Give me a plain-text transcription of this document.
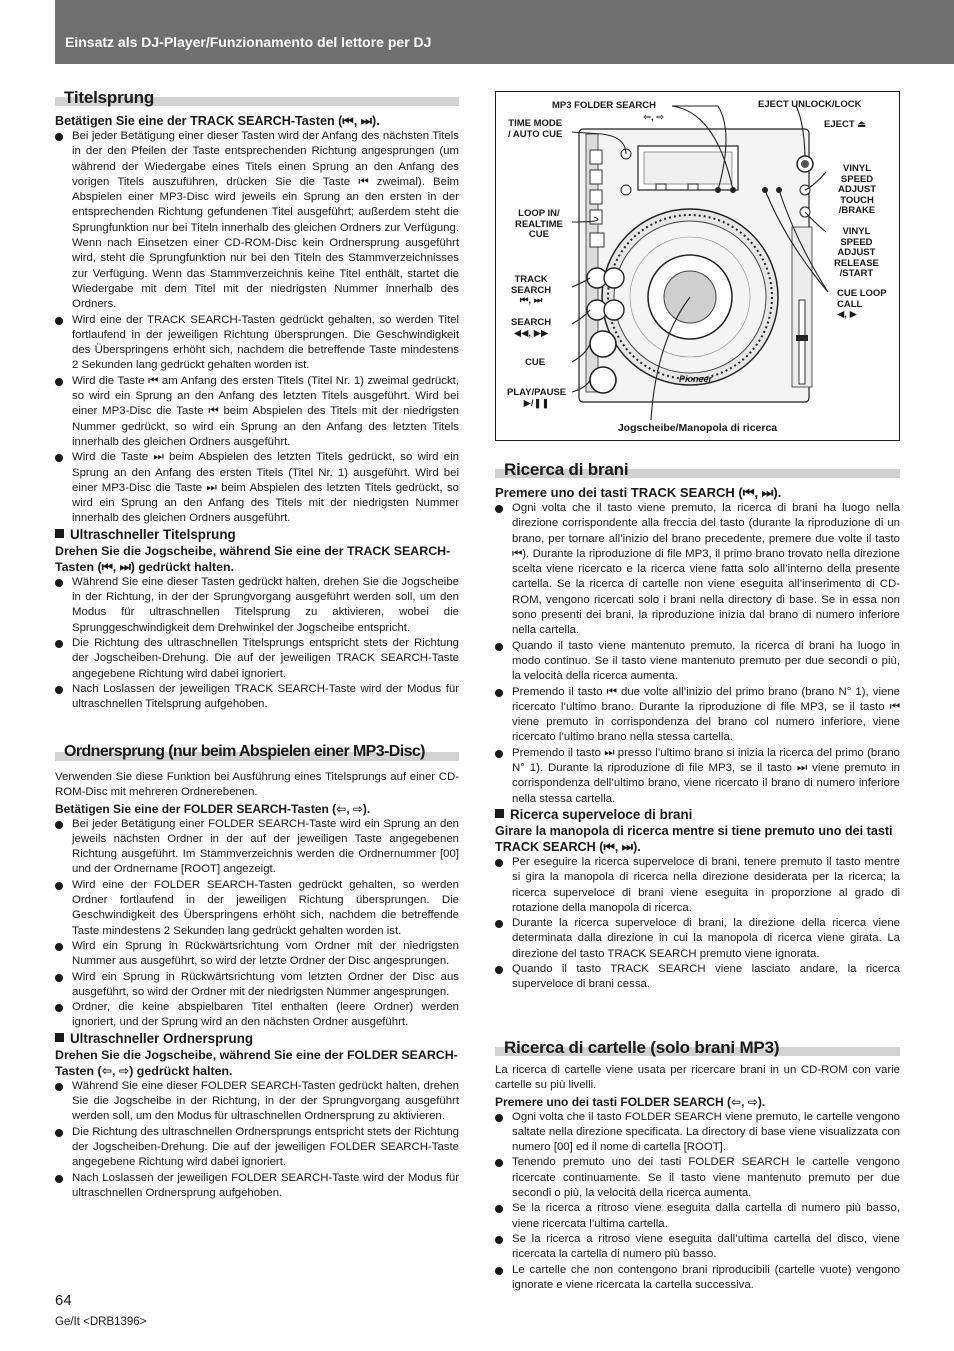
Einsatz als DJ-Player/Funzionamento del lettore per DJ
Titelsprung
Betätigen Sie eine der TRACK SEARCH-Tasten (⏮, ⏭).
Bei jeder Betätigung einer dieser Tasten wird der Anfang des nächsten Titels in der den Pfeilen der Taste entsprechenden Richtung angesprungen (um während der Wiedergabe eines Titels einen Sprung an den Anfang des vorigen Titels auszuführen, drücken Sie die Taste ⏮ zweimal). Beim Abspielen einer MP3-Disc wird jeweils ein Sprung an den ersten in der entsprechenden Richtung gefundenen Titel ausgeführt; außerdem steht die Sprungfunktion nur bei Titeln innerhalb des gleichen Ordners zur Verfügung. Wenn nach Einsetzen einer CD-ROM-Disc kein Ordnersprung ausgeführt wird, steht die Sprungfunktion nur bei den Titeln des Stammverzeichnisses zur Verfügung. Wenn das Stammverzeichnis keine Titel enthält, startet die Wiedergabe mit dem Titel mit der niedrigsten Nummer innerhalb des Ordners.
Wird eine der TRACK SEARCH-Tasten gedrückt gehalten, so werden Titel fortlaufend in der jeweiligen Richtung übersprungen. Die Geschwindigkeit des Überspringens erhöht sich, nachdem die betreffende Taste mindestens 2 Sekunden lang gedrückt gehalten worden ist.
Wird die Taste ⏮ am Anfang des ersten Titels (Titel Nr. 1) zweimal gedrückt, so wird ein Sprung an den Anfang des letzten Titels ausgeführt. Wird bei einer MP3-Disc die Taste ⏮ beim Abspielen des Titels mit der niedrigsten Nummer gedrückt, so wird ein Sprung an den Anfang des letzten Titels innerhalb des gleichen Ordners ausgeführt.
Wird die Taste ⏭ beim Abspielen des letzten Titels gedrückt, so wird ein Sprung an den Anfang des ersten Titels (Titel Nr. 1) ausgeführt. Wird bei einer MP3-Disc die Taste ⏭ beim Abspielen des letzten Titels gedrückt, so wird ein Sprung an den Anfang des Titels mit der niedrigsten Nummer innerhalb des gleichen Ordners ausgeführt.
Ultraschneller Titelsprung
Drehen Sie die Jogscheibe, während Sie eine der TRACK SEARCH-Tasten (⏮, ⏭) gedrückt halten.
Während Sie eine dieser Tasten gedrückt halten, drehen Sie die Jogscheibe in der Richtung, in der der Sprungvorgang ausgeführt werden soll, um den Modus für ultraschnellen Titelsprung zu aktivieren, wobei die Sprunggeschwindigkeit dem Drehwinkel der Jogscheibe entspricht.
Die Richtung des ultraschnellen Titelsprungs entspricht stets der Richtung der Jogscheiben-Drehung. Die auf der jeweiligen TRACK SEARCH-Taste angegebene Richtung wird dabei ignoriert.
Nach Loslassen der jeweiligen TRACK SEARCH-Taste wird der Modus für ultraschnellen Titelsprung aufgehoben.
Ordnersprung (nur beim Abspielen einer MP3-Disc)
Verwenden Sie diese Funktion bei Ausführung eines Titelsprungs auf einer CD-ROM-Disc mit mehreren Ordnerebenen.
Betätigen Sie eine der FOLDER SEARCH-Tasten (⇦, ⇨).
Bei jeder Betätigung einer FOLDER SEARCH-Taste wird ein Sprung an den jeweils nächsten Ordner in der auf der jeweiligen Taste angegebenen Richtung ausgeführt. Im Stammverzeichnis werden die Ordnernummer [00] und der Ordnername [ROOT] angezeigt.
Wird eine der FOLDER SEARCH-Tasten gedrückt gehalten, so werden Ordner fortlaufend in der jeweiligen Richtung übersprungen. Die Geschwindigkeit des Überspringens erhöht sich, nachdem die betreffende Taste mindestens 2 Sekunden lang gedrückt gehalten worden ist.
Wird ein Sprung in Rückwärtsrichtung vom Ordner mit der niedrigsten Nummer aus ausgeführt, so wird der letzte Ordner der Disc angesprungen.
Wird ein Sprung in Rückwärtsrichtung vom letzten Ordner der Disc aus ausgeführt, so wird der Ordner mit der niedrigsten Nummer angesprungen.
Ordner, die keine abspielbaren Titel enthalten (leere Ordner) werden ignoriert, und der Sprung wird an den nächsten Ordner ausgeführt.
Ultraschneller Ordnersprung
Drehen Sie die Jogscheibe, während Sie eine der FOLDER SEARCH-Tasten (⇦, ⇨) gedrückt halten.
Während Sie eine dieser FOLDER SEARCH-Tasten gedrückt halten, drehen Sie die Jogscheibe in der Richtung, in der der Sprungvorgang ausgeführt werden soll, um den Modus für ultraschnellen Ordnersprung zu aktivieren.
Die Richtung des ultraschnellen Ordnersprungs entspricht stets der Richtung der Jogscheiben-Drehung. Die auf der jeweiligen FOLDER SEARCH-Taste angegebene Richtung wird dabei ignoriert.
Nach Loslassen der jeweiligen FOLDER SEARCH-Taste wird der Modus für ultraschnellen Ordnersprung aufgehoben.
MP3 FOLDER SEARCH
⇦, ⇨
TIME MODE
/ AUTO CUE
EJECT UNLOCK/LOCK
EJECT ⏏
VINYL
SPEED
ADJUST
TOUCH
/BRAKE
LOOP IN/
REALTIME
CUE	VINYL
SPEED
ADJUST
RELEASE
/START
TRACK
SEARCH
⏮, ⏭
CUE LOOP
CALL
◀, ▶
SEARCH
◀◀, ▶▶
CUE
PLAY/PAUSE
▶/❚❚
Pioneer
Jogscheibe/Manopola di ricerca
Ricerca di brani
Premere uno dei tasti TRACK SEARCH (⏮, ⏭).
Ogni volta che il tasto viene premuto, la ricerca di brani ha luogo nella direzione corrispondente alla freccia del tasto (durante la riproduzione di un brano, per tornare all’inizio del brano precedente, premere due volte il tasto ⏮). Durante la riproduzione di file MP3, il primo brano trovato nella direzione scelta viene ricercato e la ricerca viene fatta solo all’interno della presente cartella. Se la ricerca di cartelle non viene eseguita all’inserimento di CD-ROM, vengono ricercati solo i brani nella directory di base. Se in essa non sono presenti dei brani, la riproduzione inizia dal brano di numero inferiore nella cartella.
Quando il tasto viene mantenuto premuto, la ricerca di brani ha luogo in modo continuo. Se il tasto viene mantenuto premuto per due secondi o più, la velocità della ricerca aumenta.
Premendo il tasto ⏮ due volte all’inizio del primo brano (brano N° 1), viene ricercato l’ultimo brano. Durante la riproduzione di file MP3, se il tasto ⏮ viene premuto in corrispondenza del brano col numero inferiore, viene ricercato l’ultimo brano nella stessa cartella.
Premendo il tasto ⏭ presso l’ultimo brano si inizia la ricerca del primo (brano N° 1). Durante la riproduzione di file MP3, se il tasto ⏭ viene premuto in corrispondenza dell’ultimo brano, viene ricercato il brano di numero inferiore nella stessa cartella.
Ricerca superveloce di brani
Girare la manopola di ricerca mentre si tiene premuto uno dei tasti TRACK SEARCH (⏮, ⏭).
Per eseguire la ricerca superveloce di brani, tenere premuto il tasto mentre si gira la manopola di ricerca nella direzione desiderata per la ricerca; la ricerca superveloce di brani viene eseguita in proporzione al grado di rotazione della manopola di ricerca.
Durante la ricerca superveloce di brani, la direzione della ricerca viene determinata dalla direzione in cui la manopola di ricerca viene girata. La direzione del tasto TRACK SEARCH premuto viene ignorata.
Quando il tasto TRACK SEARCH viene lasciato andare, la ricerca superveloce di brani cessa.
Ricerca di cartelle (solo brani MP3)
La ricerca di cartelle viene usata per ricercare brani in un CD-ROM con varie cartelle su più livelli.
Premere uno dei tasti FOLDER SEARCH (⇦, ⇨).
Ogni volta che il tasto FOLDER SEARCH viene premuto, le cartelle vengono saltate nella direzione specificata. La directory di base viene visualizzata con numero [00] ed il nome di cartella [ROOT].
Tenendo premuto uno dei tasti FOLDER SEARCH le cartelle vengono ricercate continuamente. Se il tasto viene mantenuto premuto per due secondi o più, la velocità della ricerca aumenta.
Se la ricerca a ritroso viene eseguita dalla cartella di numero più basso, viene ricercata l’ultima cartella.
Se la ricerca a ritroso viene eseguita dall’ultima cartella del disco, viene ricercata la cartella di numero più basso.
Le cartelle che non contengono brani riproducibili (cartelle vuote) vengono ignorate e viene ricercata la cartella successiva.
64
Ge/It <DRB1396>
